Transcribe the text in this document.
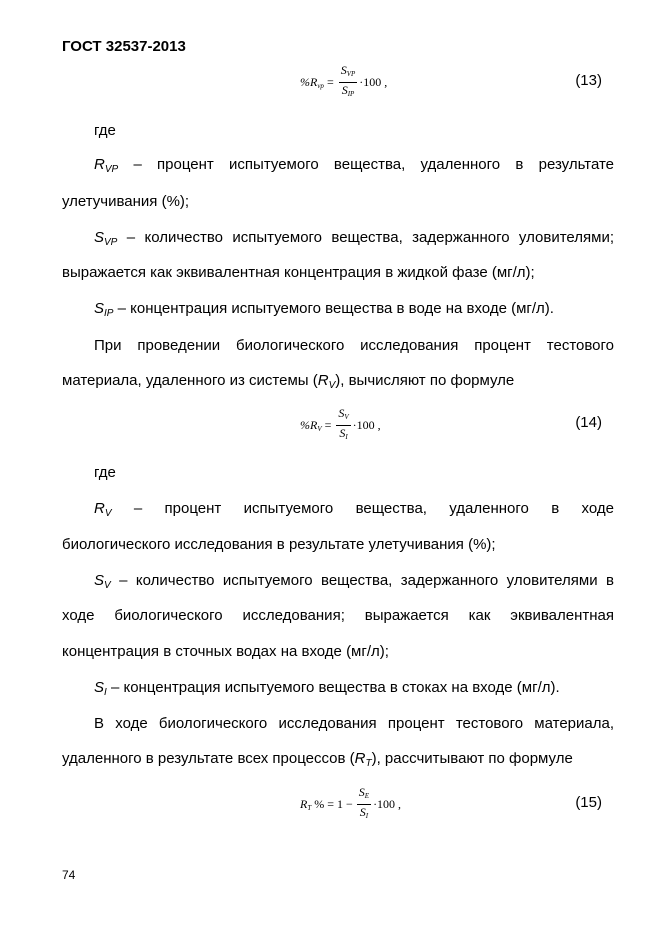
ГОСТ 32537-2013
$\%Rvp = \frac{\text{SVP}}{\text{SIP}} \cdot 100$ ,	(13)
где
$R_{VP}$ – процент испытуемого вещества, удаленного в результате
улетучивания (%);
$S_{VP}$ – количество испытуемого вещества, задержанного уловителями;
выражается как эквивалентная концентрация в жидкой фазе (мг/л);
$S_{IP}$ – концентрация испытуемого вещества в воде на входе (мг/л).
При проведении биологического исследования процент тестового
материала, удаленного из системы $(R_V)$, вычисляют по формуле
$\%RV = \frac{SV}{SI} \cdot 100$ ,	(14)
где
$R_V$ – процент испытуемого вещества, удаленного в ходе
биологического исследования в результате улетучивания (%);
$S_V$ – количество испытуемого вещества, задержанного уловителями в
ходе биологического исследования; выражается как эквивалентная
концентрация в сточных водах на входе (мг/л);
$S_I$ – концентрация испытуемого вещества в стоках на входе (мг/л).
В ходе биологического исследования процент тестового материала,
удаленного в результате всех процессов $(R_T)$, рассчитывают по формуле
RT % = $1 - \frac{SE}{SI} \cdot 100$ ,	(15)
74
